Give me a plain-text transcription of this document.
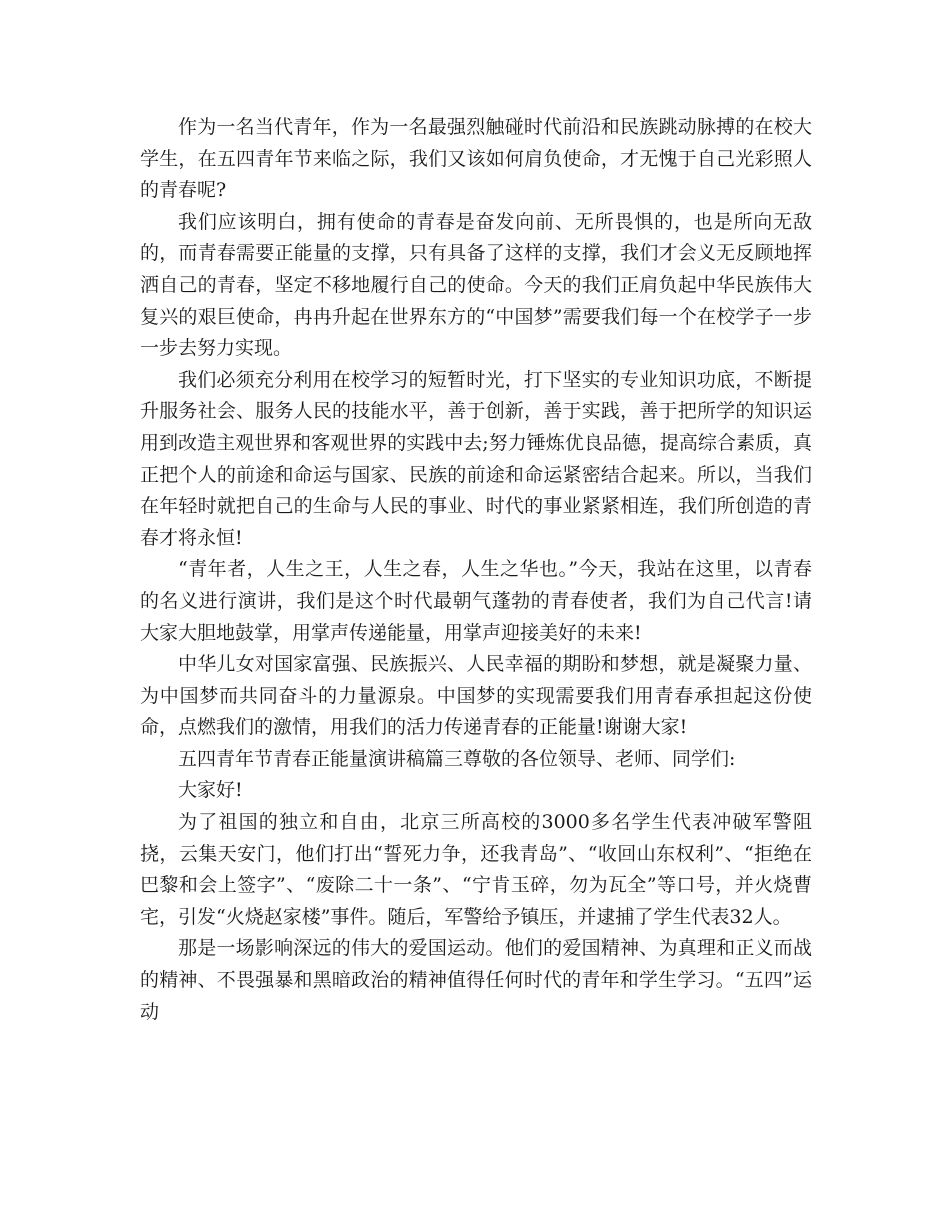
作为一名当代青年，作为一名最强烈触碰时代前沿和民族跳动脉搏的在校大学生，在五四青年节来临之际，我们又该如何肩负使命，才无愧于自己光彩照人的青春呢?

我们应该明白，拥有使命的青春是奋发向前、无所畏惧的，也是所向无敌的，而青春需要正能量的支撑，只有具备了这样的支撑，我们才会义无反顾地挥洒自己的青春，坚定不移地履行自己的使命。今天的我们正肩负起中华民族伟大复兴的艰巨使命，冉冉升起在世界东方的“中国梦”需要我们每一个在校学子一步一步去努力实现。

我们必须充分利用在校学习的短暂时光，打下坚实的专业知识功底，不断提升服务社会、服务人民的技能水平，善于创新，善于实践，善于把所学的知识运用到改造主观世界和客观世界的实践中去;努力锤炼优良品德，提高综合素质，真正把个人的前途和命运与国家、民族的前途和命运紧密结合起来。所以，当我们在年轻时就把自己的生命与人民的事业、时代的事业紧紧相连，我们所创造的青春才将永恒!

“青年者，人生之王，人生之春，人生之华也。”今天，我站在这里，以青春的名义进行演讲，我们是这个时代最朝气蓬勃的青春使者，我们为自己代言!请大家大胆地鼓掌，用掌声传递能量，用掌声迎接美好的未来!

中华儿女对国家富强、民族振兴、人民幸福的期盼和梦想，就是凝聚力量、为中国梦而共同奋斗的力量源泉。中国梦的实现需要我们用青春承担起这份使命，点燃我们的激情，用我们的活力传递青春的正能量!谢谢大家!

五四青年节青春正能量演讲稿篇三尊敬的各位领导、老师、同学们:

大家好!

为了祖国的独立和自由，北京三所高校的3000多名学生代表冲破军警阻挠，云集天安门，他们打出“誓死力争，还我青岛”、“收回山东权利”、“拒绝在巴黎和会上签字”、“废除二十一条”、“宁肯玉碎，勿为瓦全”等口号，并火烧曹宅，引发“火烧赵家楼”事件。随后，军警给予镇压，并逮捕了学生代表32人。

那是一场影响深远的伟大的爱国运动。他们的爱国精神、为真理和正义而战的精神、不畏强暴和黑暗政治的精神值得任何时代的青年和学生学习。“五四”运动
